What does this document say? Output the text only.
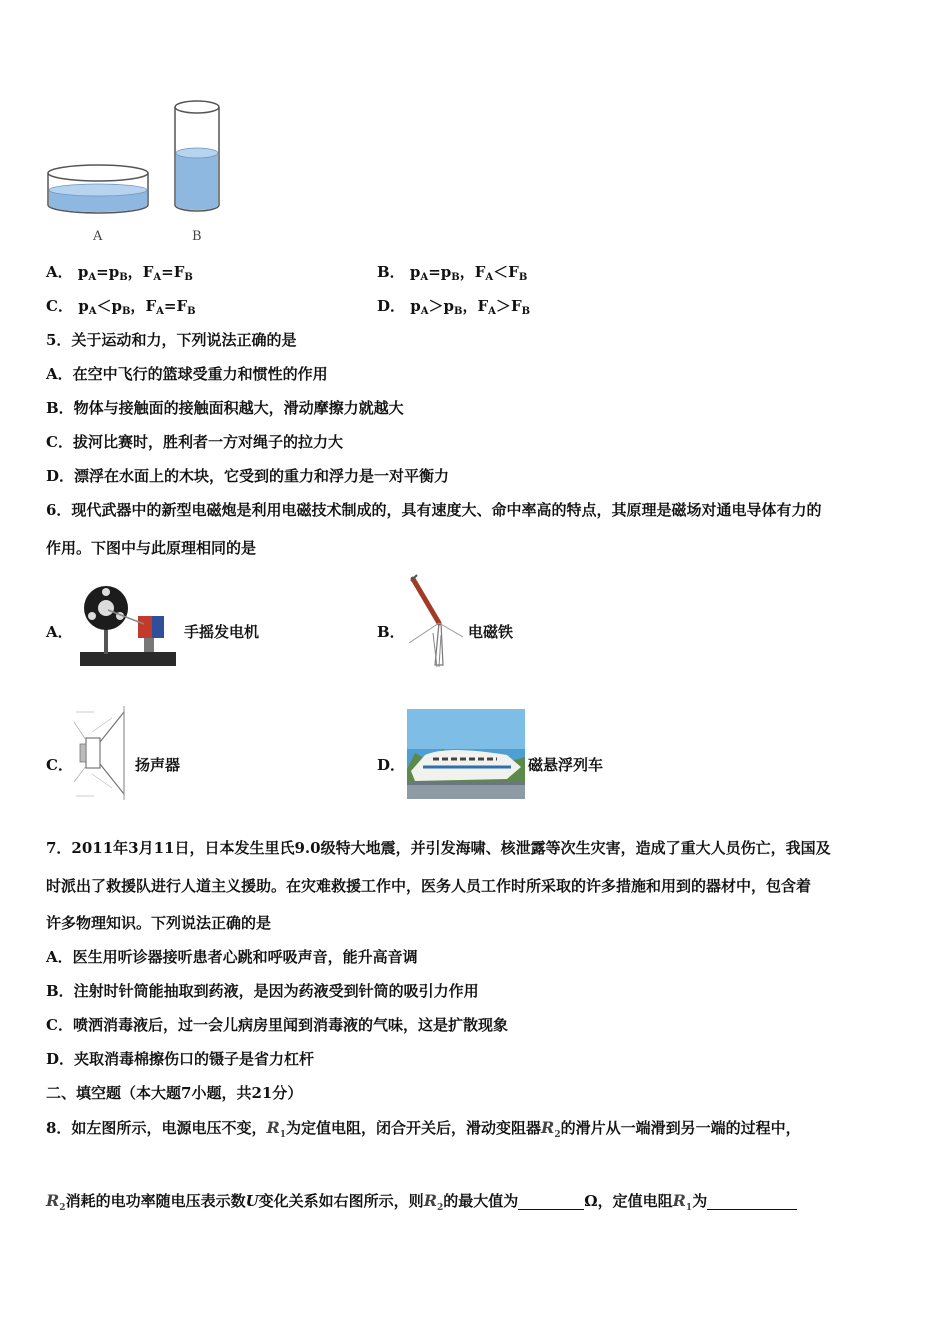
A	B
A． $p_A=p_B$，$F_A=F_B$	B． $p_A=p_B$，$F_A<F_B$
C． $p_A<p_B$，$F_A=F_B$	D． $p_A>p_B$，$F_A>F_B$
5．关于运动和力，下列说法正确的是
A．在空中飞行的篮球受重力和惯性的作用
B．物体与接触面的接触面积越大，滑动摩擦力就越大
C．拔河比赛时，胜利者一方对绳子的拉力大
D．漂浮在水面上的木块，它受到的重力和浮力是一对平衡力
6．现代武器中的新型电磁炮是利用电磁技术制成的，具有速度大、命中率高的特点，其原理是磁场对通电导体有力的
作用。下图中与此原理相同的是
A．	手摇发电机	B．	电磁铁
C．	扬声器	D．	磁悬浮列车
7．2011年3月11日，日本发生里氏9.0级特大地震，并引发海啸、核泄露等次生灾害，造成了重大人员伤亡，我国及
时派出了救援队进行人道主义援助。在灾难救援工作中，医务人员工作时所采取的许多措施和用到的器材中，包含着
许多物理知识。下列说法正确的是
A．医生用听诊器接听患者心跳和呼吸声音，能升高音调
B．注射时针筒能抽取到药液，是因为药液受到针筒的吸引力作用
C．喷洒消毒液后，过一会儿病房里闻到消毒液的气味，这是扩散现象
D．夹取消毒棉擦伤口的镊子是省力杠杆
二、填空题（本大题7小题，共21分）
8．如左图所示，电源电压不变，$R_1$为定值电阻，闭合开关后，滑动变阻器$R_2$的滑片从一端滑到另一端的过程中，
$R_2$消耗的电功率随电压表示数U变化关系如右图所示，则$R_2$的最大值为	Ω，定值电阻$R_1$为
